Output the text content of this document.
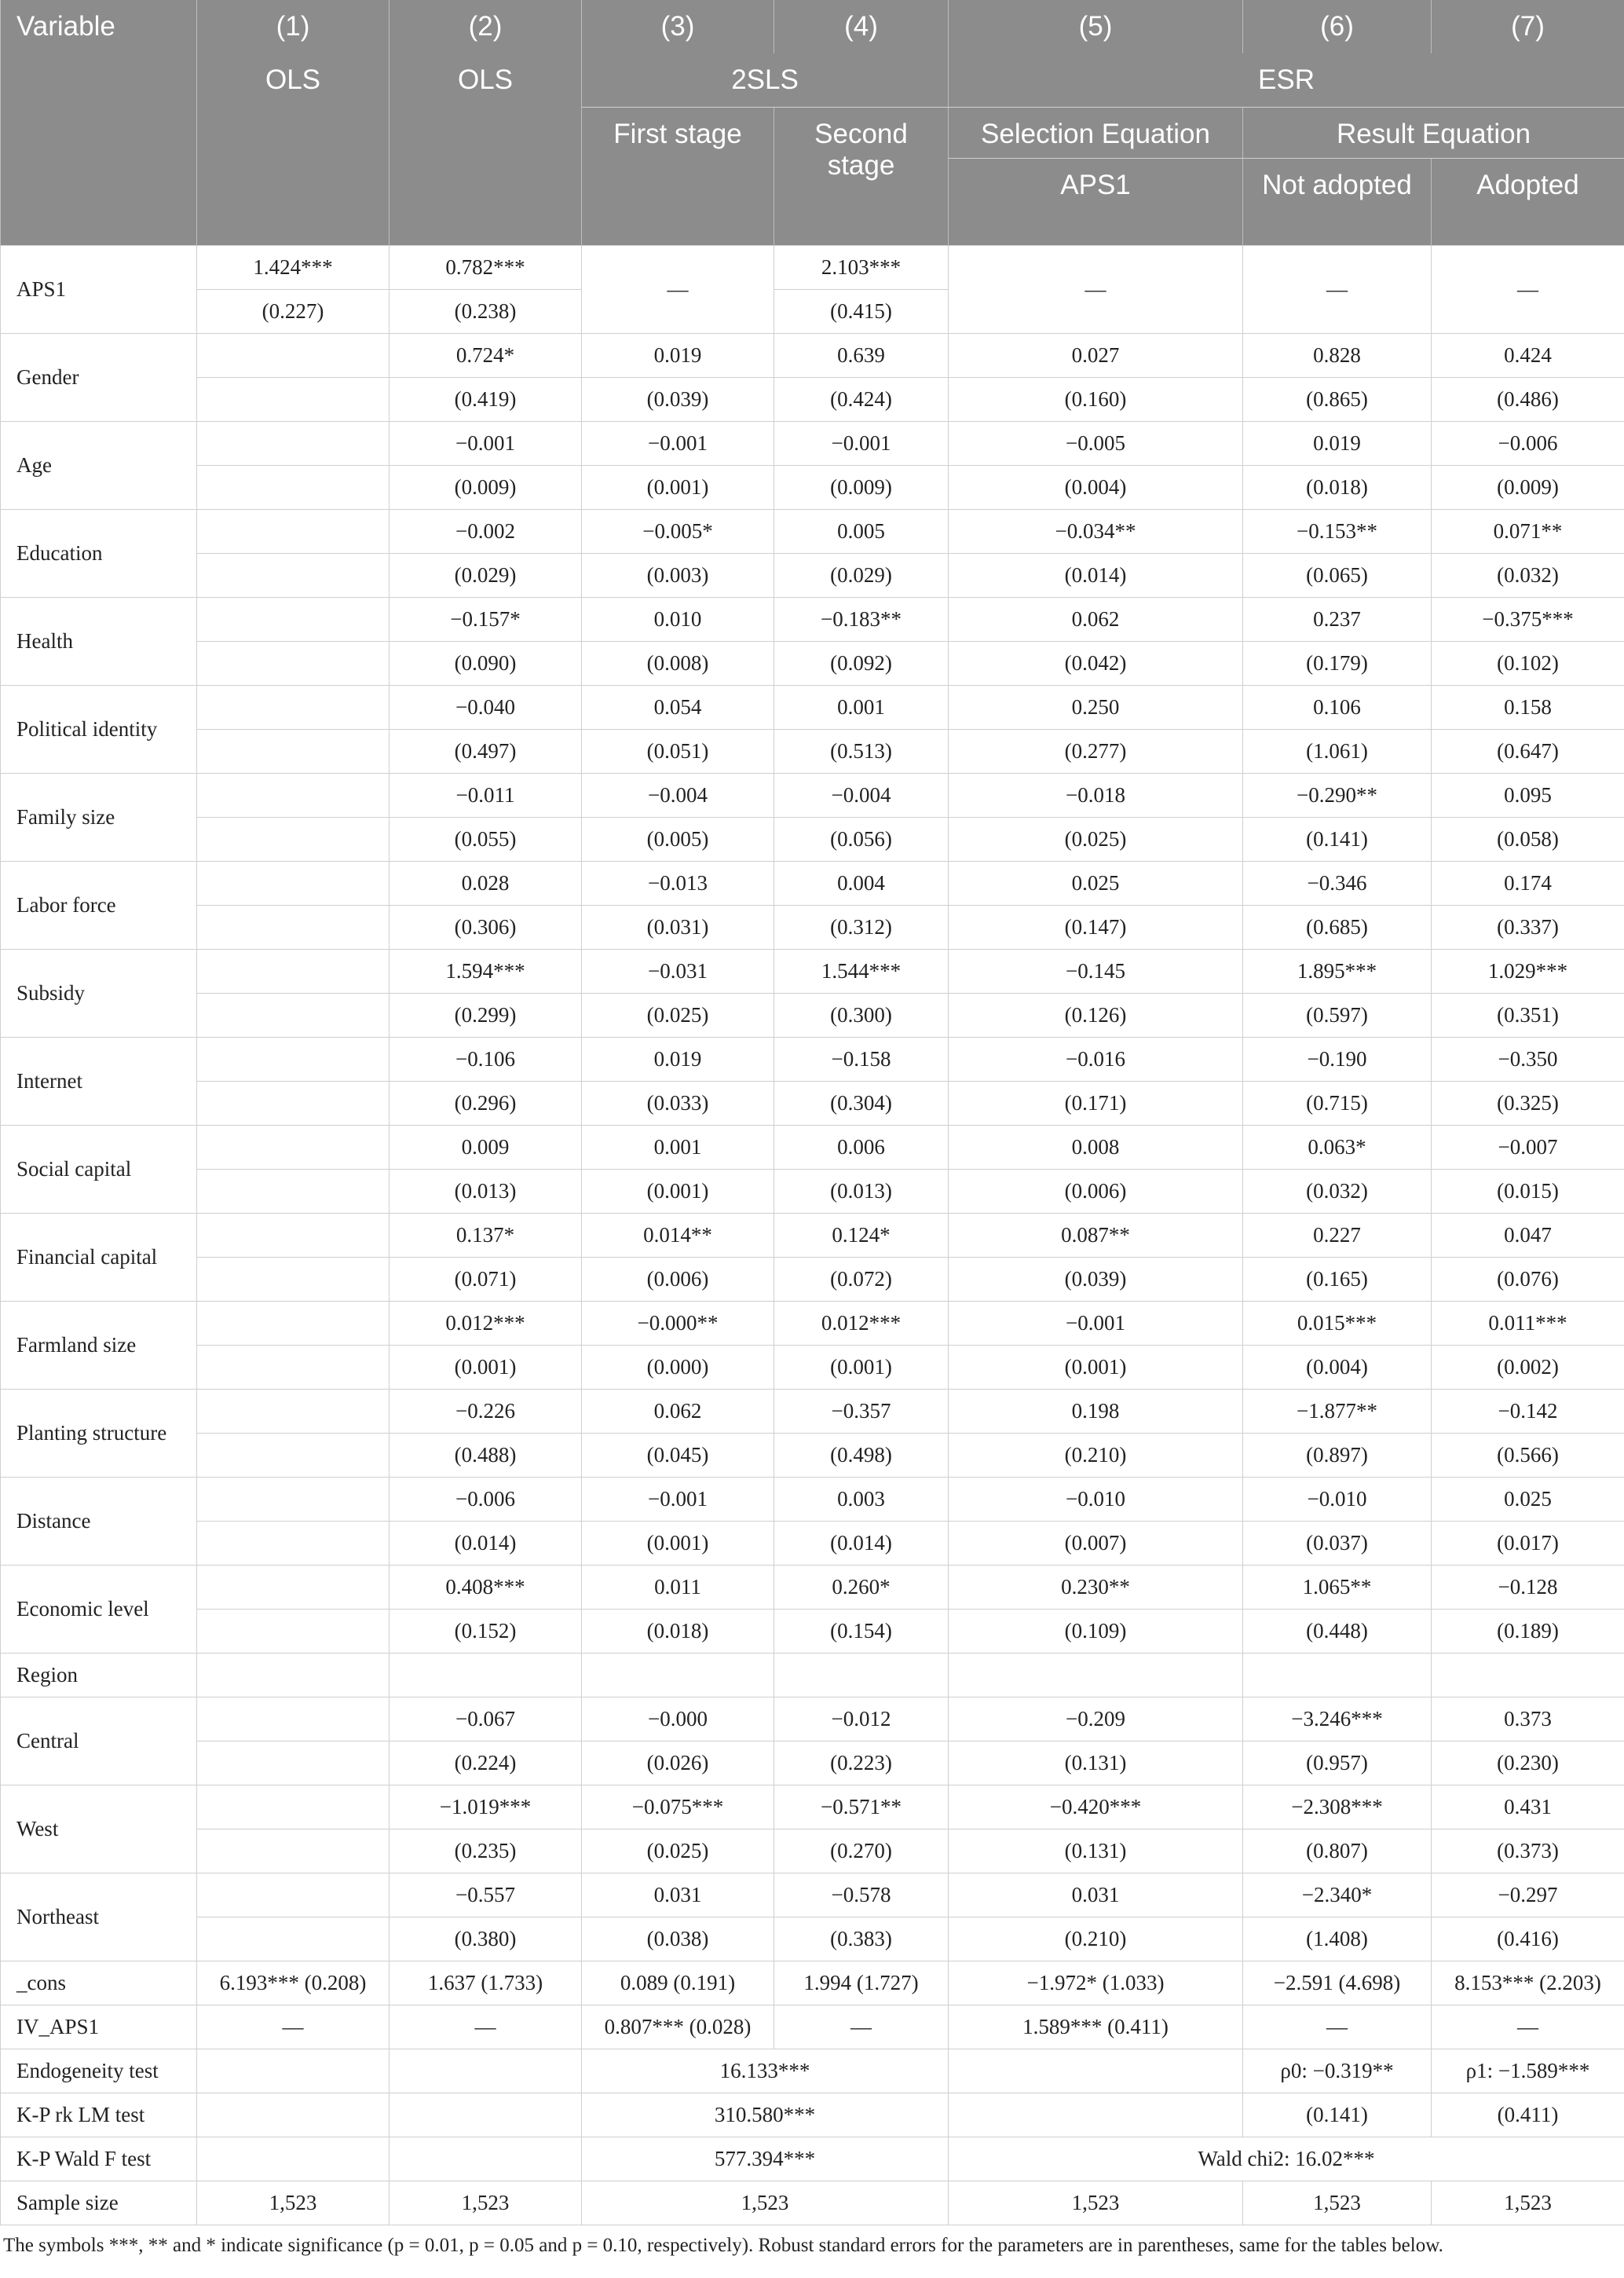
Variable	(1)	(2)	(3)	(4)	(5)	(6)	(7)
	OLS	OLS	2SLS		ESR		
			First stage	Second stage	Selection Equation	Result Equation	
					APS1	Not adopted	Adopted
APS1	1.424***	0.782***	—	2.103***	—	—	—
	(0.227)	(0.238)		(0.415)			
Gender		0.724*	0.019	0.639	0.027	0.828	0.424
		(0.419)	(0.039)	(0.424)	(0.160)	(0.865)	(0.486)
Age		−0.001	−0.001	−0.001	−0.005	0.019	−0.006
		(0.009)	(0.001)	(0.009)	(0.004)	(0.018)	(0.009)
Education		−0.002	−0.005*	0.005	−0.034**	−0.153**	0.071**
		(0.029)	(0.003)	(0.029)	(0.014)	(0.065)	(0.032)
Health		−0.157*	0.010	−0.183**	0.062	0.237	−0.375***
		(0.090)	(0.008)	(0.092)	(0.042)	(0.179)	(0.102)
Political identity		−0.040	0.054	0.001	0.250	0.106	0.158
		(0.497)	(0.051)	(0.513)	(0.277)	(1.061)	(0.647)
Family size		−0.011	−0.004	−0.004	−0.018	−0.290**	0.095
		(0.055)	(0.005)	(0.056)	(0.025)	(0.141)	(0.058)
Labor force		0.028	−0.013	0.004	0.025	−0.346	0.174
		(0.306)	(0.031)	(0.312)	(0.147)	(0.685)	(0.337)
Subsidy		1.594***	−0.031	1.544***	−0.145	1.895***	1.029***
		(0.299)	(0.025)	(0.300)	(0.126)	(0.597)	(0.351)
Internet		−0.106	0.019	−0.158	−0.016	−0.190	−0.350
		(0.296)	(0.033)	(0.304)	(0.171)	(0.715)	(0.325)
Social capital		0.009	0.001	0.006	0.008	0.063*	−0.007
		(0.013)	(0.001)	(0.013)	(0.006)	(0.032)	(0.015)
Financial capital		0.137*	0.014**	0.124*	0.087**	0.227	0.047
		(0.071)	(0.006)	(0.072)	(0.039)	(0.165)	(0.076)
Farmland size		0.012***	−0.000**	0.012***	−0.001	0.015***	0.011***
		(0.001)	(0.000)	(0.001)	(0.001)	(0.004)	(0.002)
Planting structure		−0.226	0.062	−0.357	0.198	−1.877**	−0.142
		(0.488)	(0.045)	(0.498)	(0.210)	(0.897)	(0.566)
Distance		−0.006	−0.001	0.003	−0.010	−0.010	0.025
		(0.014)	(0.001)	(0.014)	(0.007)	(0.037)	(0.017)
Economic level		0.408***	0.011	0.260*	0.230**	1.065**	−0.128
		(0.152)	(0.018)	(0.154)	(0.109)	(0.448)	(0.189)
Region							
Central		−0.067	−0.000	−0.012	−0.209	−3.246***	0.373
		(0.224)	(0.026)	(0.223)	(0.131)	(0.957)	(0.230)
West		−1.019***	−0.075***	−0.571**	−0.420***	−2.308***	0.431
		(0.235)	(0.025)	(0.270)	(0.131)	(0.807)	(0.373)
Northeast		−0.557	0.031	−0.578	0.031	−2.340*	−0.297
		(0.380)	(0.038)	(0.383)	(0.210)	(1.408)	(0.416)
_cons	6.193*** (0.208)	1.637 (1.733)	0.089 (0.191)	1.994 (1.727)	−1.972* (1.033)	−2.591 (4.698)	8.153*** (2.203)
IV_APS1	—	—	0.807*** (0.028)	—	1.589*** (0.411)	—	—
Endogeneity test			16.133***			ρ0: −0.319**	ρ1: −1.589***
K-P rk LM test			310.580***			(0.141)	(0.411)
K-P Wald F test			577.394***		Wald chi2: 16.02***		
Sample size	1,523	1,523	1,523		1,523	1,523	1,523
The symbols ***, ** and * indicate significance (p = 0.01, p = 0.05 and p = 0.10, respectively). Robust standard errors for the parameters are in parentheses, same for the tables below.
